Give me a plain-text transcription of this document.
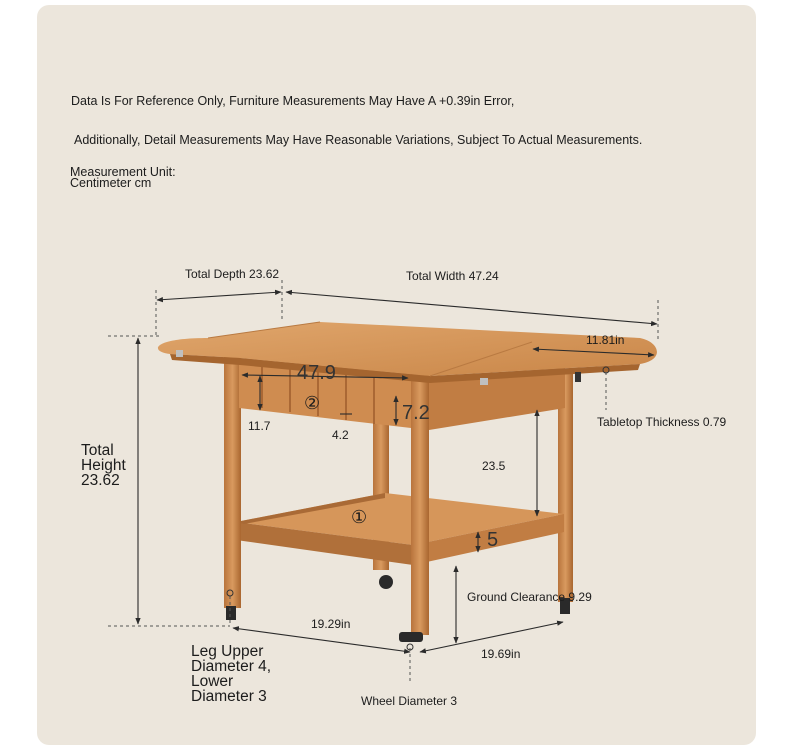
Data Is For Reference Only, Furniture Measurements May Have A +0.39in Error,
Additionally, Detail Measurements May Have Reasonable Variations, Subject To Actual Measurements.
Measurement Unit:
Centimeter cm
Total Depth 23.62	Total Width 47.24
11.81in
Tabletop Thickness 0.79
Total Height 23.62
47.9
7.2
11.7
4.2
23.5
5
Ground Clearance 9.29
19.29in
19.69in
Leg Upper Diameter 4, Lower Diameter 3	Wheel Diameter 3
②
①
